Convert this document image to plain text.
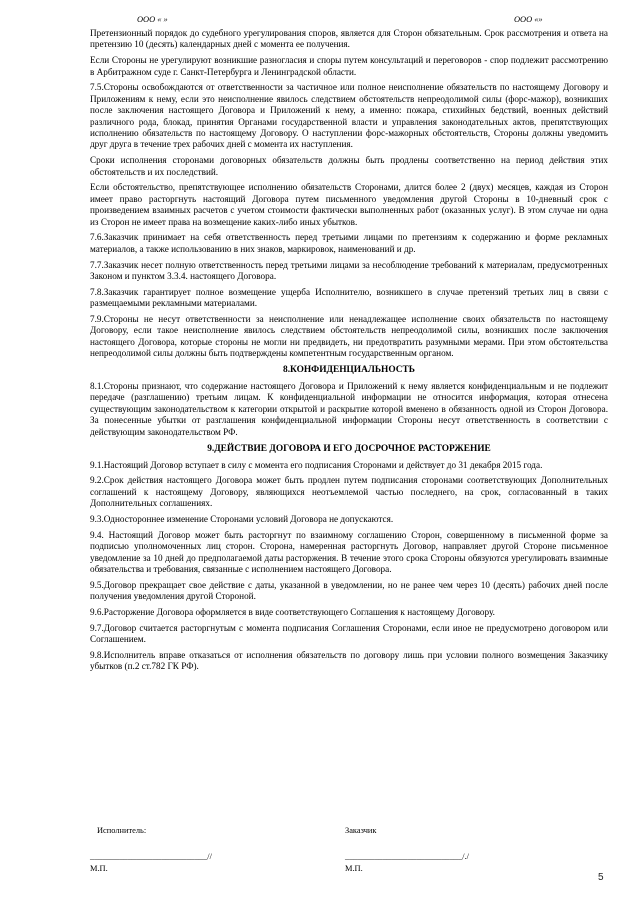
ООО « »	ООО «»

Претензионный порядок до судебного урегулирования споров, является для Сторон обязательным. Срок рассмотрения и ответа на претензию 10 (десять) календарных дней с момента ее получения.

Если Стороны не урегулируют возникшие разногласия и споры путем консультаций и переговоров - спор подлежит рассмотрению в Арбитражном суде г. Санкт-Петербурга и Ленинградской области.

7.5.Стороны освобождаются от ответственности за частичное или полное неисполнение обязательств по настоящему Договору и Приложениям к нему, если это неисполнение явилось следствием обстоятельств непреодолимой силы (форс-мажор), возникших после заключения настоящего Договора и Приложений к нему, а именно: пожара, стихийных бедствий, военных действий различного рода, блокад, принятия Органами государственной власти и управления законодательных актов, препятствующих исполнению обязательств по настоящему Договору. О наступлении форс-мажорных обстоятельств, Стороны должны уведомить друг друга в течение трех рабочих дней с момента их наступления.

Сроки исполнения сторонами договорных обязательств должны быть продлены соответственно на период действия этих обстоятельств и их последствий.

Если обстоятельство, препятствующее исполнению обязательств Сторонами, длится более 2 (двух) месяцев, каждая из Сторон имеет право расторгнуть настоящий Договора путем письменного уведомления другой Стороны в 10-дневный срок с произведением взаимных расчетов с учетом стоимости фактически выполненных работ (оказанных услуг). В этом случае ни одна из Сторон не имеет права на возмещение каких-либо иных убытков.

7.6.Заказчик принимает на себя ответственность перед третьими лицами по претензиям к содержанию и форме рекламных материалов, а также использованию в них знаков, маркировок, наименований и др.

7.7.Заказчик несет полную ответственность перед третьими лицами за несоблюдение требований к материалам, предусмотренных Законом и пунктом 3.3.4. настоящего Договора.

7.8.Заказчик гарантирует полное возмещение ущерба Исполнителю, возникшего в случае претензий третьих лиц в связи с размещаемыми рекламными материалами.

7.9.Стороны не несут ответственности за неисполнение или ненадлежащее исполнение своих обязательств по настоящему Договору, если такое неисполнение явилось следствием обстоятельств непреодолимой силы, возникших после заключения настоящего Договора, которые стороны не могли ни предвидеть, ни предотвратить разумными мерами. При этом обстоятельства непреодолимой силы должны быть подтверждены компетентным государственным органом.

8.КОНФИДЕНЦИАЛЬНОСТЬ

8.1.Стороны признают, что содержание настоящего Договора и Приложений к нему является конфиденциальным и не подлежит передаче (разглашению) третьим лицам. К конфиденциальной информации не относится информация, которая отнесена существующим законодательством к категории открытой и раскрытие которой вменено в обязанность одной из Сторон Договора. За понесенные убытки от разглашения конфиденциальной информации Стороны несут ответственность в соответствии с действующим законодательством РФ.

9.ДЕЙСТВИЕ ДОГОВОРА И ЕГО ДОСРОЧНОЕ РАСТОРЖЕНИЕ

9.1.Настоящий Договор вступает в силу с момента его подписания Сторонами и действует до 31 декабря 2015 года.

9.2.Срок действия настоящего Договора может быть продлен путем подписания сторонами соответствующих Дополнительных соглашений к настоящему Договору, являющихся неотъемлемой частью последнего, на срок, согласованный в таких Дополнительных соглашениях.

9.3.Одностороннее изменение Сторонами условий Договора не допускаются.

9.4. Настоящий Договор может быть расторгнут по взаимному соглашению Сторон, совершенному в письменной форме за подписью уполномоченных лиц сторон. Сторона, намеренная расторгнуть Договор, направляет другой Стороне письменное уведомление за 10 дней до предполагаемой даты расторжения. В течение этого срока Стороны обязуются урегулировать взаимные обязательства и требования, связанные с исполнением настоящего Договора.

9.5.Договор прекращает свое действие с даты, указанной в уведомлении, но не ранее чем через 10 (десять) рабочих дней после получения уведомления другой Стороной.

9.6.Расторжение Договора оформляется в виде соответствующего Соглашения к настоящему Договору.

9.7.Договор считается расторгнутым с момента подписания Соглашения Сторонами, если иное не предусмотрено договором или Соглашением.

9.8.Исполнитель вправе отказаться от исполнения обязательств по договору лишь при условии полного возмещения Заказчику убытков (п.2 ст.782 ГК РФ).

Исполнитель:	Заказчик
____________________________//	____________________________/./
М.П.	М.П.
5
